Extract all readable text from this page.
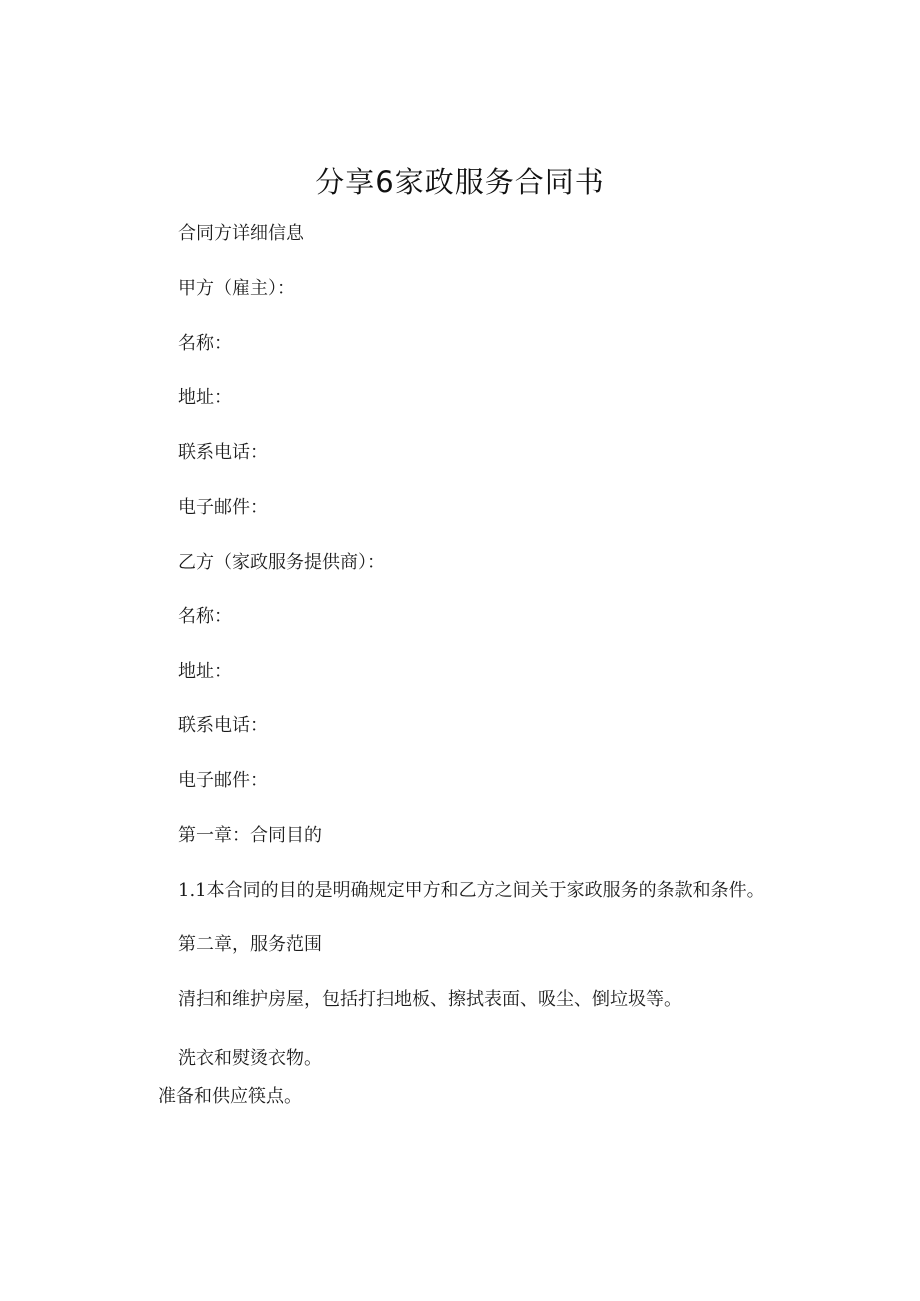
分享6家政服务合同书
合同方详细信息
甲方（雇主）：
名称：
地址：
联系电话：
电子邮件：
乙方（家政服务提供商）：
名称：
地址：
联系电话：
电子邮件：
第一章：合同目的
1.1本合同的目的是明确规定甲方和乙方之间关于家政服务的条款和条件。
第二章，服务范围
清扫和维护房屋，包括打扫地板、擦拭表面、吸尘、倒垃圾等。
洗衣和熨烫衣物。
准备和供应筷点。
